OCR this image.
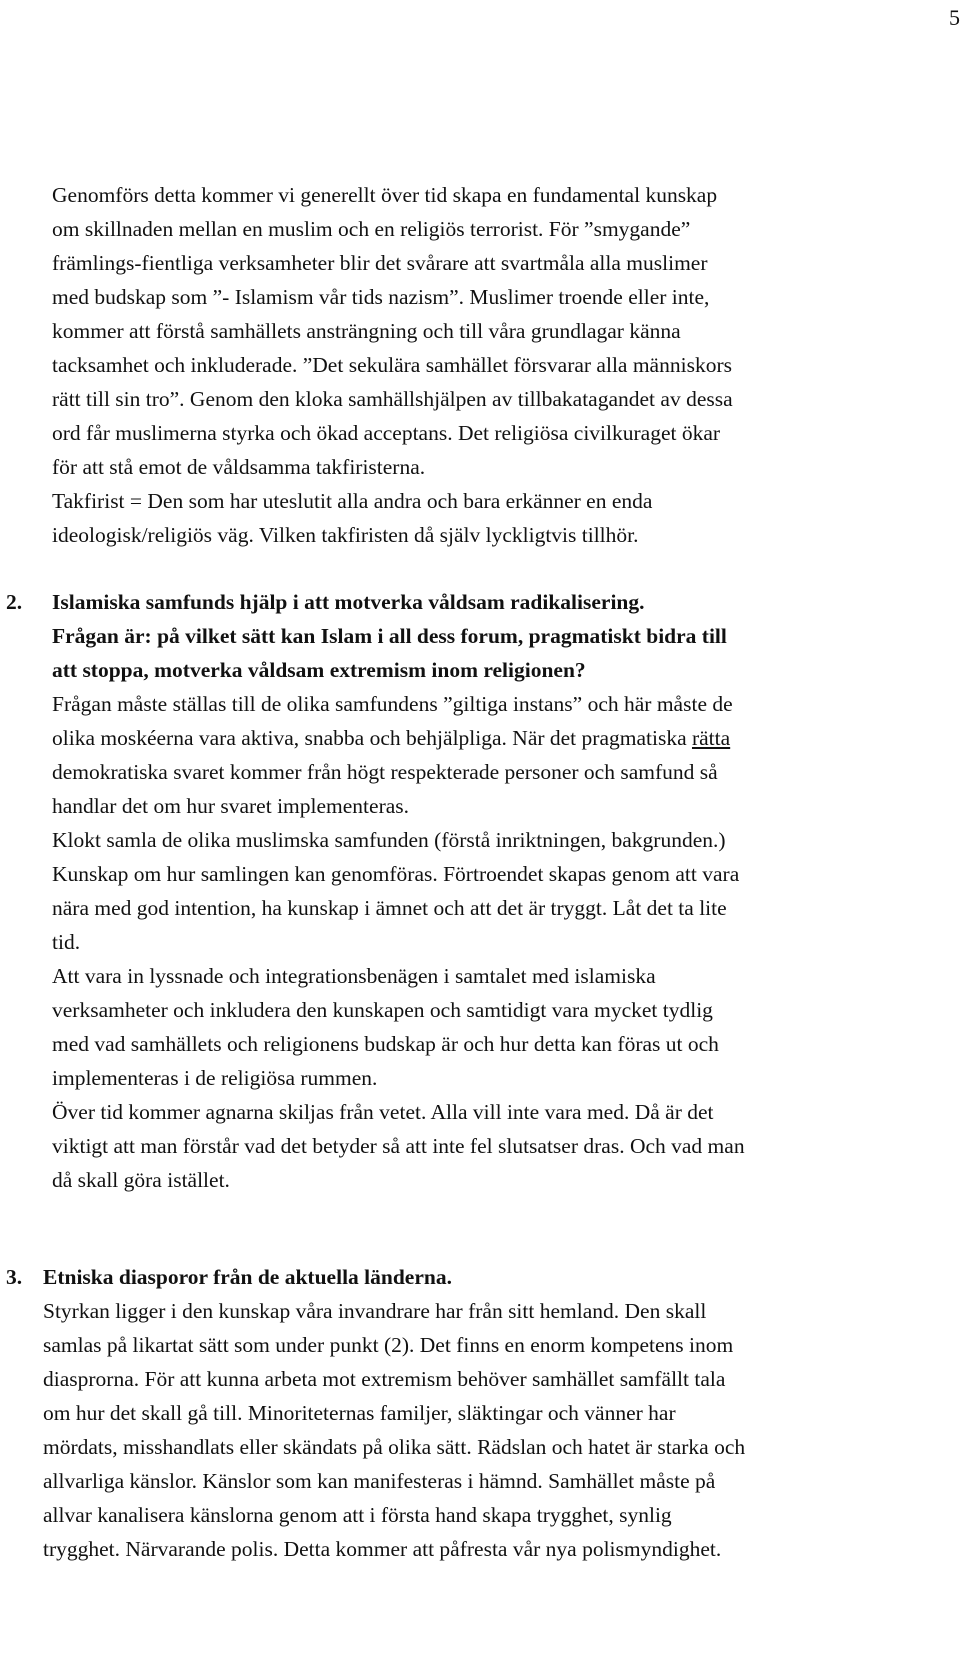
5
Genomförs detta kommer vi generellt över tid skapa en fundamental kunskap
om skillnaden mellan en muslim och en religiös terrorist. För ”smygande”
främlings-fientliga verksamheter blir det svårare att svartmåla alla muslimer
med budskap som ”- Islamism vår tids nazism”. Muslimer troende eller inte,
kommer att förstå samhällets ansträngning och till våra grundlagar känna
tacksamhet och inkluderade. ”Det sekulära samhället försvarar alla människors
rätt till sin tro”. Genom den kloka samhällshjälpen av tillbakatagandet av dessa
ord får muslimerna styrka och ökad acceptans. Det religiösa civilkuraget ökar
för att stå emot de våldsamma takfiristerna.
Takfirist = Den som har uteslutit alla andra och bara erkänner en enda
ideologisk/religiös väg. Vilken takfiristen då själv lyckligtvis tillhör.
2. Islamiska samfunds hjälp i att motverka våldsam radikalisering.
Frågan är: på vilket sätt kan Islam i all dess forum, pragmatiskt bidra till
att stoppa, motverka våldsam extremism inom religionen?
Frågan måste ställas till de olika samfundens ”giltiga instans” och här måste de
olika moskéerna vara aktiva, snabba och behjälpliga. När det pragmatiska rätta
demokratiska svaret kommer från högt respekterade personer och samfund så
handlar det om hur svaret implementeras.
Klokt samla de olika muslimska samfunden (förstå inriktningen, bakgrunden.)
Kunskap om hur samlingen kan genomföras. Förtroendet skapas genom att vara
nära med god intention, ha kunskap i ämnet och att det är tryggt. Låt det ta lite
tid.
Att vara in lyssnade och integrationsbenägen i samtalet med islamiska
verksamheter och inkludera den kunskapen och samtidigt vara mycket tydlig
med vad samhällets och religionens budskap är och hur detta kan föras ut och
implementeras i de religiösa rummen.
Över tid kommer agnarna skiljas från vetet. Alla vill inte vara med. Då är det
viktigt att man förstår vad det betyder så att inte fel slutsatser dras. Och vad man
då skall göra istället.
3. Etniska diasporor från de aktuella länderna.
Styrkan ligger i den kunskap våra invandrare har från sitt hemland. Den skall
samlas på likartat sätt som under punkt (2). Det finns en enorm kompetens inom
diasprorna. För att kunna arbeta mot extremism behöver samhället samfällt tala
om hur det skall gå till. Minoriteternas familjer, släktingar och vänner har
mördats, misshandlats eller skändats på olika sätt. Rädslan och hatet är starka och
allvarliga känslor. Känslor som kan manifesteras i hämnd. Samhället måste på
allvar kanalisera känslorna genom att i första hand skapa trygghet, synlig
trygghet. Närvarande polis. Detta kommer att påfresta vår nya polismyndighet.
